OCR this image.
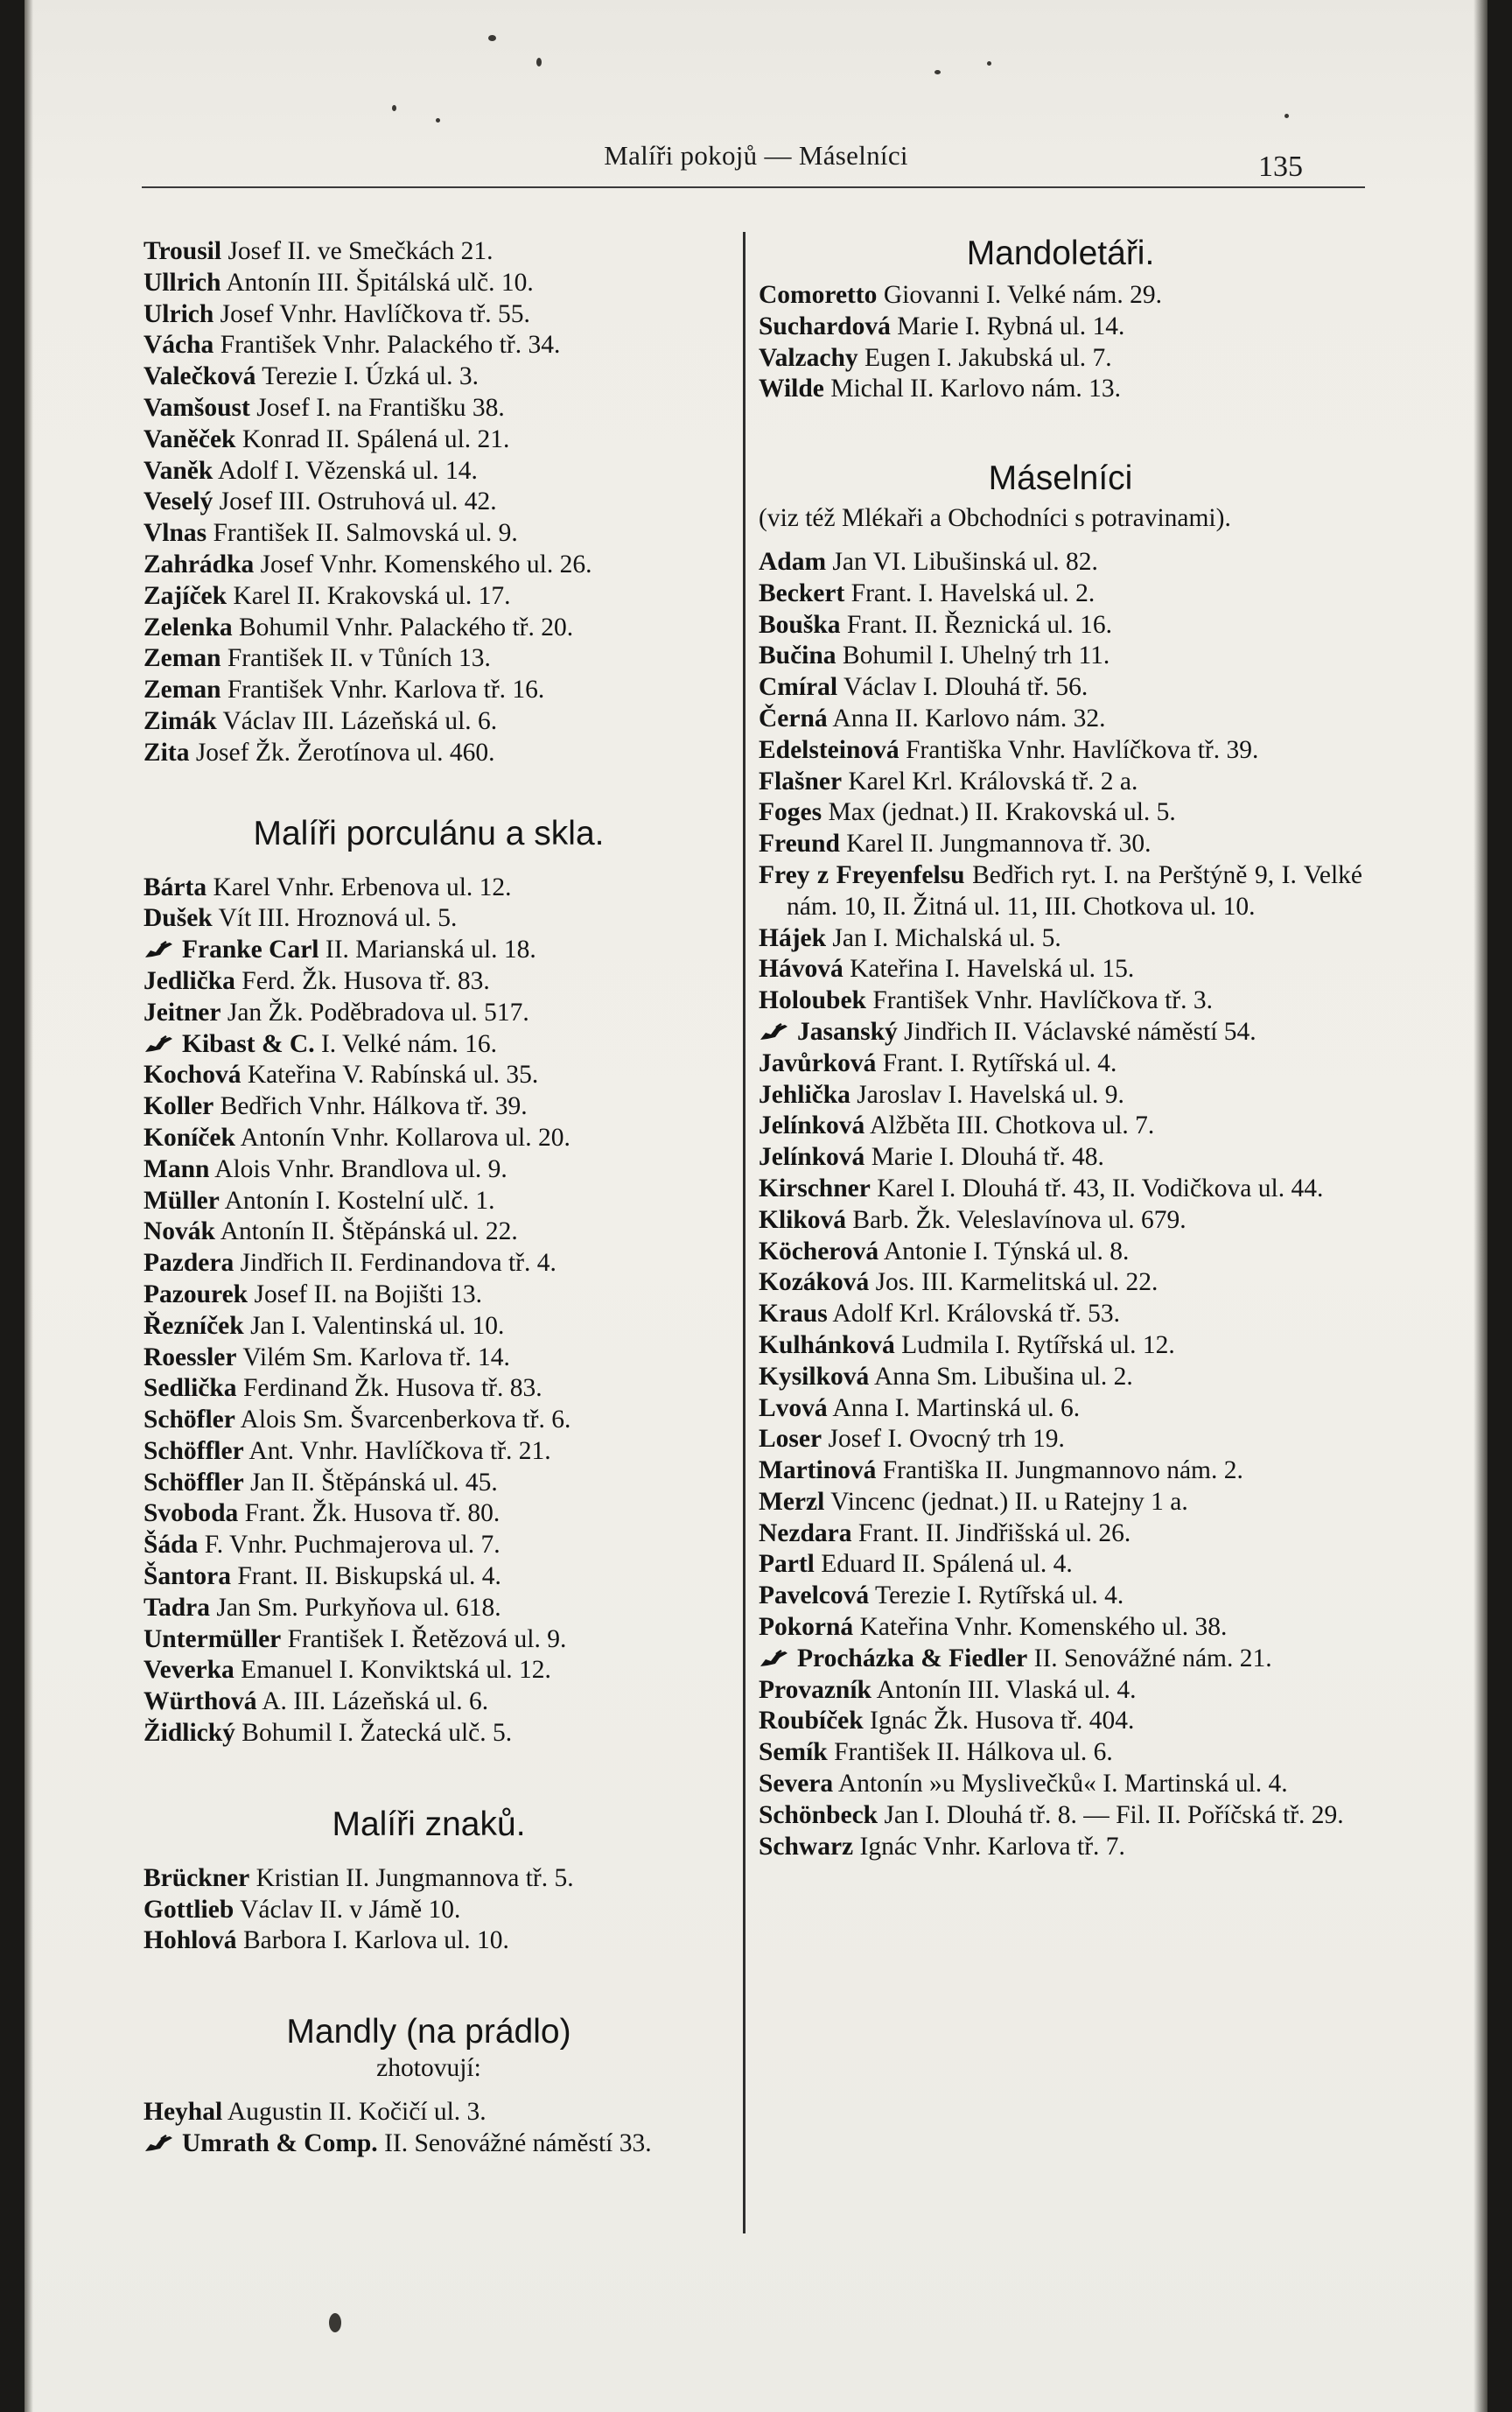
Malíři pokojů — Máselníci	135

Trousil Josef II. ve Smečkách 21.

Ullrich Antonín III. Špitálská ulč. 10.

Ulrich Josef Vnhr. Havlíčkova tř. 55.

Vácha František Vnhr. Palackého tř. 34.

Valečková Terezie I. Úzká ul. 3.

Vamšoust Josef I. na Františku 38.

Vaněček Konrad II. Spálená ul. 21.

Vaněk Adolf I. Vězenská ul. 14.

Veselý Josef III. Ostruhová ul. 42.

Vlnas František II. Salmovská ul. 9.

Zahrádka Josef Vnhr. Komenského ul. 26.

Zajíček Karel II. Krakovská ul. 17.

Zelenka Bohumil Vnhr. Palackého tř. 20.

Zeman František II. v Tůních 13.

Zeman František Vnhr. Karlova tř. 16.

Zimák Václav III. Lázeňská ul. 6.

Zita Josef Žk. Žerotínova ul. 460.

Malíři porculánu a skla.

Bárta Karel Vnhr. Erbenova ul. 12.

Dušek Vít III. Hroznová ul. 5.

Franke Carl II. Marianská ul. 18.

Jedlička Ferd. Žk. Husova tř. 83.

Jeitner Jan Žk. Poděbradova ul. 517.

Kibast & C. I. Velké nám. 16.

Kochová Kateřina V. Rabínská ul. 35.

Koller Bedřich Vnhr. Hálkova tř. 39.

Koníček Antonín Vnhr. Kollarova ul. 20.

Mann Alois Vnhr. Brandlova ul. 9.

Müller Antonín I. Kostelní ulč. 1.

Novák Antonín II. Štěpánská ul. 22.

Pazdera Jindřich II. Ferdinandova tř. 4.

Pazourek Josef II. na Bojišti 13.

Řezníček Jan I. Valentinská ul. 10.

Roessler Vilém Sm. Karlova tř. 14.

Sedlička Ferdinand Žk. Husova tř. 83.

Schöfler Alois Sm. Švarcenberkova tř. 6.

Schöffler Ant. Vnhr. Havlíčkova tř. 21.

Schöffler Jan II. Štěpánská ul. 45.

Svoboda Frant. Žk. Husova tř. 80.

Šáda F. Vnhr. Puchmajerova ul. 7.

Šantora Frant. II. Biskupská ul. 4.

Tadra Jan Sm. Purkyňova ul. 618.

Untermüller František I. Řetězová ul. 9.

Veverka Emanuel I. Konviktská ul. 12.

Würthová A. III. Lázeňská ul. 6.

Židlický Bohumil I. Žatecká ulč. 5.

Malíři znaků.

Brückner Kristian II. Jungmannova tř. 5.

Gottlieb Václav II. v Jámě 10.

Hohlová Barbora I. Karlova ul. 10.

Mandly (na prádlo)

zhotovují:

Heyhal Augustin II. Kočičí ul. 3.

Umrath & Comp. II. Senovážné náměstí 33.

Mandoletáři.

Comoretto Giovanni I. Velké nám. 29.

Suchardová Marie I. Rybná ul. 14.

Valzachy Eugen I. Jakubská ul. 7.

Wilde Michal II. Karlovo nám. 13.

Máselníci

(viz též Mlékaři a Obchodníci s potravinami).

Adam Jan VI. Libušinská ul. 82.

Beckert Frant. I. Havelská ul. 2.

Bouška Frant. II. Řeznická ul. 16.

Bučina Bohumil I. Uhelný trh 11.

Cmíral Václav I. Dlouhá tř. 56.

Černá Anna II. Karlovo nám. 32.

Edelsteinová Františka Vnhr. Havlíčkova tř. 39.

Flašner Karel Krl. Královská tř. 2 a.

Foges Max (jednat.) II. Krakovská ul. 5.

Freund Karel II. Jungmannova tř. 30.

Frey z Freyenfelsu Bedřich ryt. I. na Perštýně 9, I. Velké nám. 10, II. Žitná ul. 11, III. Chotkova ul. 10.

Hájek Jan I. Michalská ul. 5.

Hávová Kateřina I. Havelská ul. 15.

Holoubek František Vnhr. Havlíčkova tř. 3.

Jasanský Jindřich II. Václavské náměstí 54.

Javůrková Frant. I. Rytířská ul. 4.

Jehlička Jaroslav I. Havelská ul. 9.

Jelínková Alžběta III. Chotkova ul. 7.

Jelínková Marie I. Dlouhá tř. 48.

Kirschner Karel I. Dlouhá tř. 43, II. Vodičkova ul. 44.

Kliková Barb. Žk. Veleslavínova ul. 679.

Köcherová Antonie I. Týnská ul. 8.

Kozáková Jos. III. Karmelitská ul. 22.

Kraus Adolf Krl. Královská tř. 53.

Kulhánková Ludmila I. Rytířská ul. 12.

Kysilková Anna Sm. Libušina ul. 2.

Lvová Anna I. Martinská ul. 6.

Loser Josef I. Ovocný trh 19.

Martinová Františka II. Jungmannovo nám. 2.

Merzl Vincenc (jednat.) II. u Ratejny 1 a.

Nezdara Frant. II. Jindřišská ul. 26.

Partl Eduard II. Spálená ul. 4.

Pavelcová Terezie I. Rytířská ul. 4.

Pokorná Kateřina Vnhr. Komenského ul. 38.

Procházka & Fiedler II. Senovážné nám. 21.

Provazník Antonín III. Vlaská ul. 4.

Roubíček Ignác Žk. Husova tř. 404.

Semík František II. Hálkova ul. 6.

Severa Antonín »u Myslivečků« I. Martinská ul. 4.

Schönbeck Jan I. Dlouhá tř. 8. — Fil. II. Poříčská tř. 29.

Schwarz Ignác Vnhr. Karlova tř. 7.
